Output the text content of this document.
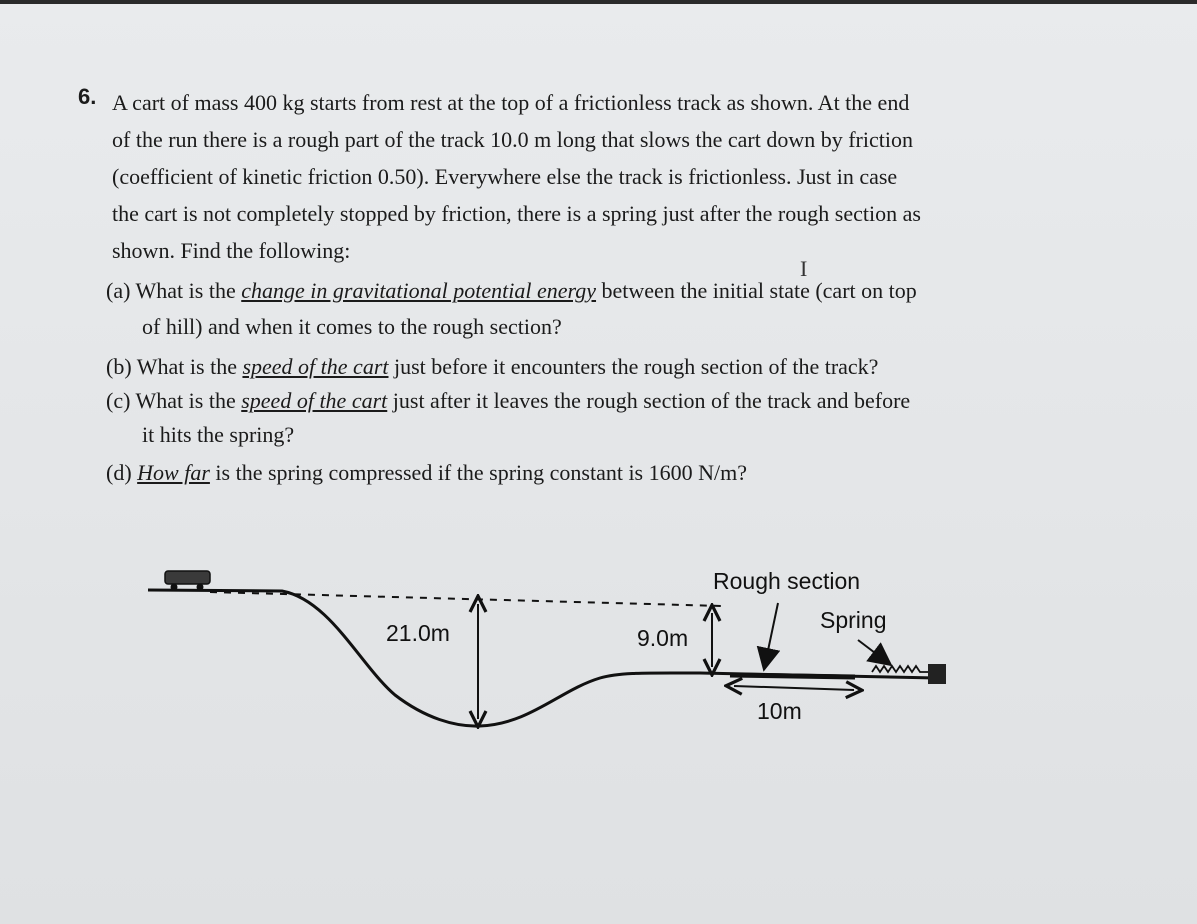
6. A cart of mass 400 kg starts from rest at the top of a frictionless track as shown. At the end
of the run there is a rough part of the track 10.0 m long that slows the cart down by friction
(coefficient of kinetic friction 0.50). Everywhere else the track is frictionless. Just in case
the cart is not completely stopped by friction, there is a spring just after the rough section as
shown. Find the following:
(a) What is the change in gravitational potential energy between the initial state (cart on top
of hill) and when it comes to the rough section?
(b) What is the speed of the cart just before it encounters the rough section of the track?
(c) What is the speed of the cart just after it leaves the rough section of the track and before
it hits the spring?
(d) How far is the spring compressed if the spring constant is 1600 N/m?
I
21.0m	9.0m
Rough section
Spring
10m
